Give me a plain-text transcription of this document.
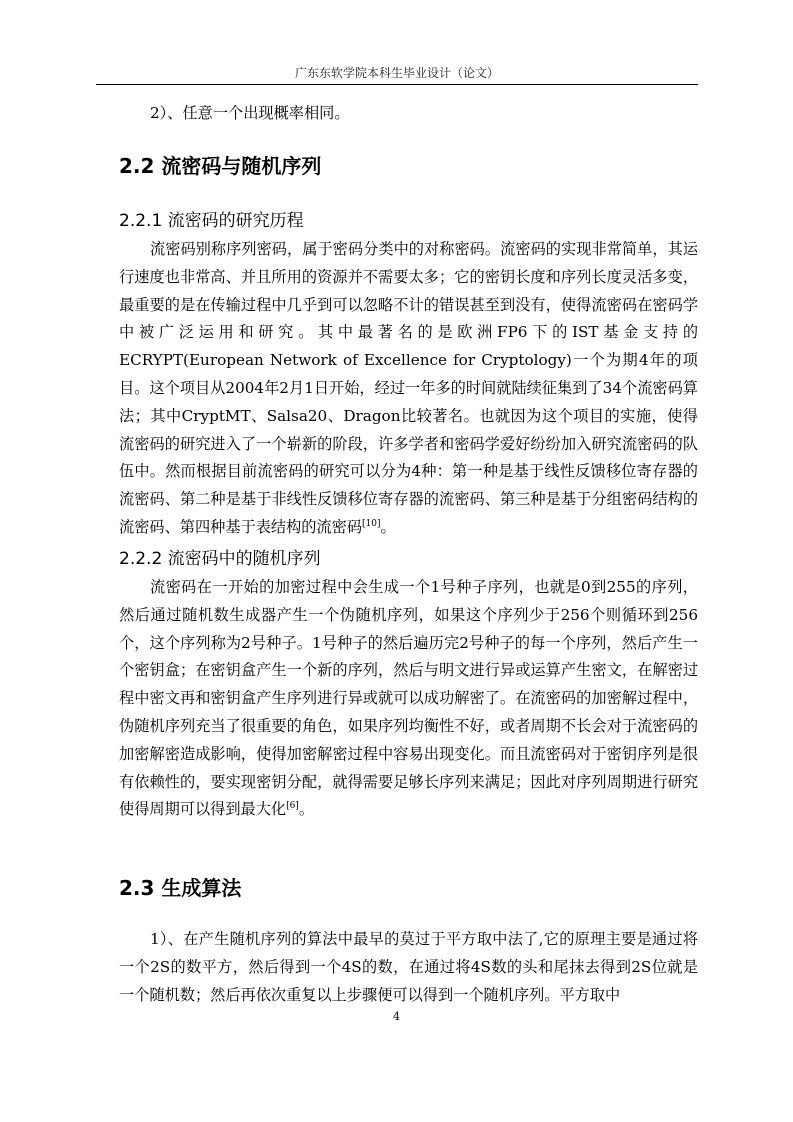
广东东软学院本科生毕业设计（论文）
2）、任意一个出现概率相同。
2.2 流密码与随机序列
2.2.1 流密码的研究历程
流密码别称序列密码，属于密码分类中的对称密码。流密码的实现非常简单，其运行速度也非常高、并且所用的资源并不需要太多；它的密钥长度和序列长度灵活多变，最重要的是在传输过程中几乎到可以忽略不计的错误甚至到没有，使得流密码在密码学中被广泛运用和研究。其中最著名的是欧洲FP6下的IST基金支持的ECRYPT(European Network of Excellence for Cryptology)一个为期4年的项目。这个项目从2004年2月1日开始，经过一年多的时间就陆续征集到了34个流密码算法；其中CryptMT、Salsa20、Dragon比较著名。也就因为这个项目的实施，使得流密码的研究进入了一个崭新的阶段，许多学者和密码学爱好纷纷加入研究流密码的队伍中。然而根据目前流密码的研究可以分为4种：第一种是基于线性反馈移位寄存器的流密码、第二种是基于非线性反馈移位寄存器的流密码、第三种是基于分组密码结构的流密码、第四种基于表结构的流密码[10]。
2.2.2 流密码中的随机序列
流密码在一开始的加密过程中会生成一个1号种子序列，也就是0到255的序列，然后通过随机数生成器产生一个伪随机序列，如果这个序列少于256个则循环到256个，这个序列称为2号种子。1号种子的然后遍历完2号种子的每一个序列，然后产生一个密钥盒；在密钥盒产生一个新的序列，然后与明文进行异或运算产生密文，在解密过程中密文再和密钥盒产生序列进行异或就可以成功解密了。在流密码的加密解过程中，伪随机序列充当了很重要的角色，如果序列均衡性不好，或者周期不长会对于流密码的加密解密造成影响，使得加密解密过程中容易出现变化。而且流密码对于密钥序列是很有依赖性的，要实现密钥分配，就得需要足够长序列来满足；因此对序列周期进行研究使得周期可以得到最大化[6]。
2.3 生成算法
1）、在产生随机序列的算法中最早的莫过于平方取中法了,它的原理主要是通过将一个2S的数平方，然后得到一个4S的数，在通过将4S数的头和尾抹去得到2S位就是一个随机数；然后再依次重复以上步骤便可以得到一个随机序列。平方取中
4
